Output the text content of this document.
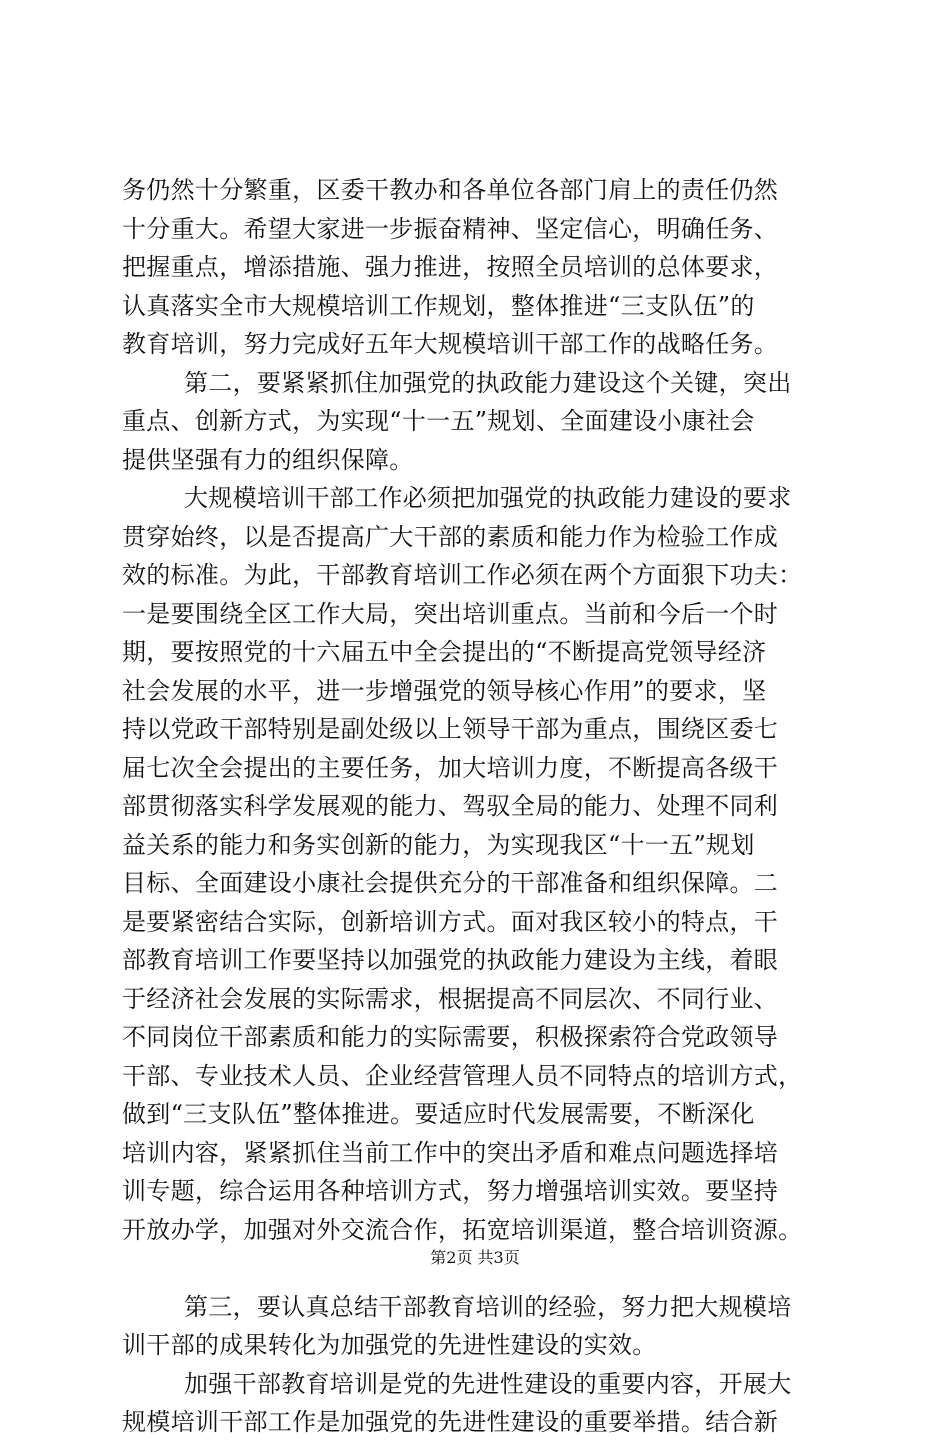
务仍然十分繁重，区委干教办和各单位各部门肩上的责任仍然
十分重大。希望大家进一步振奋精神、坚定信心，明确任务、
把握重点，增添措施、强力推进，按照全员培训的总体要求，
认真落实全市大规模培训工作规划，整体推进“三支队伍”的
教育培训，努力完成好五年大规模培训干部工作的战略任务。
第二，要紧紧抓住加强党的执政能力建设这个关键，突出
重点、创新方式，为实现“十一五”规划、全面建设小康社会
提供坚强有力的组织保障。
大规模培训干部工作必须把加强党的执政能力建设的要求
贯穿始终，以是否提高广大干部的素质和能力作为检验工作成
效的标准。为此，干部教育培训工作必须在两个方面狠下功夫：
一是要围绕全区工作大局，突出培训重点。当前和今后一个时
期，要按照党的十六届五中全会提出的“不断提高党领导经济
社会发展的水平，进一步增强党的领导核心作用”的要求，坚
持以党政干部特别是副处级以上领导干部为重点，围绕区委七
届七次全会提出的主要任务，加大培训力度，不断提高各级干
部贯彻落实科学发展观的能力、驾驭全局的能力、处理不同利
益关系的能力和务实创新的能力，为实现我区“十一五”规划
目标、全面建设小康社会提供充分的干部准备和组织保障。二
是要紧密结合实际，创新培训方式。面对我区较小的特点，干
部教育培训工作要坚持以加强党的执政能力建设为主线，着眼
于经济社会发展的实际需求，根据提高不同层次、不同行业、
不同岗位干部素质和能力的实际需要，积极探索符合党政领导
干部、专业技术人员、企业经营管理人员不同特点的培训方式，
做到“三支队伍”整体推进。要适应时代发展需要，不断深化
培训内容，紧紧抓住当前工作中的突出矛盾和难点问题选择培
训专题，综合运用各种培训方式，努力增强培训实效。要坚持
开放办学，加强对外交流合作，拓宽培训渠道，整合培训资源。
第三，要认真总结干部教育培训的经验，努力把大规模培
训干部的成果转化为加强党的先进性建设的实效。
加强干部教育培训是党的先进性建设的重要内容，开展大
规模培训干部工作是加强党的先进性建设的重要举措。结合新
第2页 共3页
